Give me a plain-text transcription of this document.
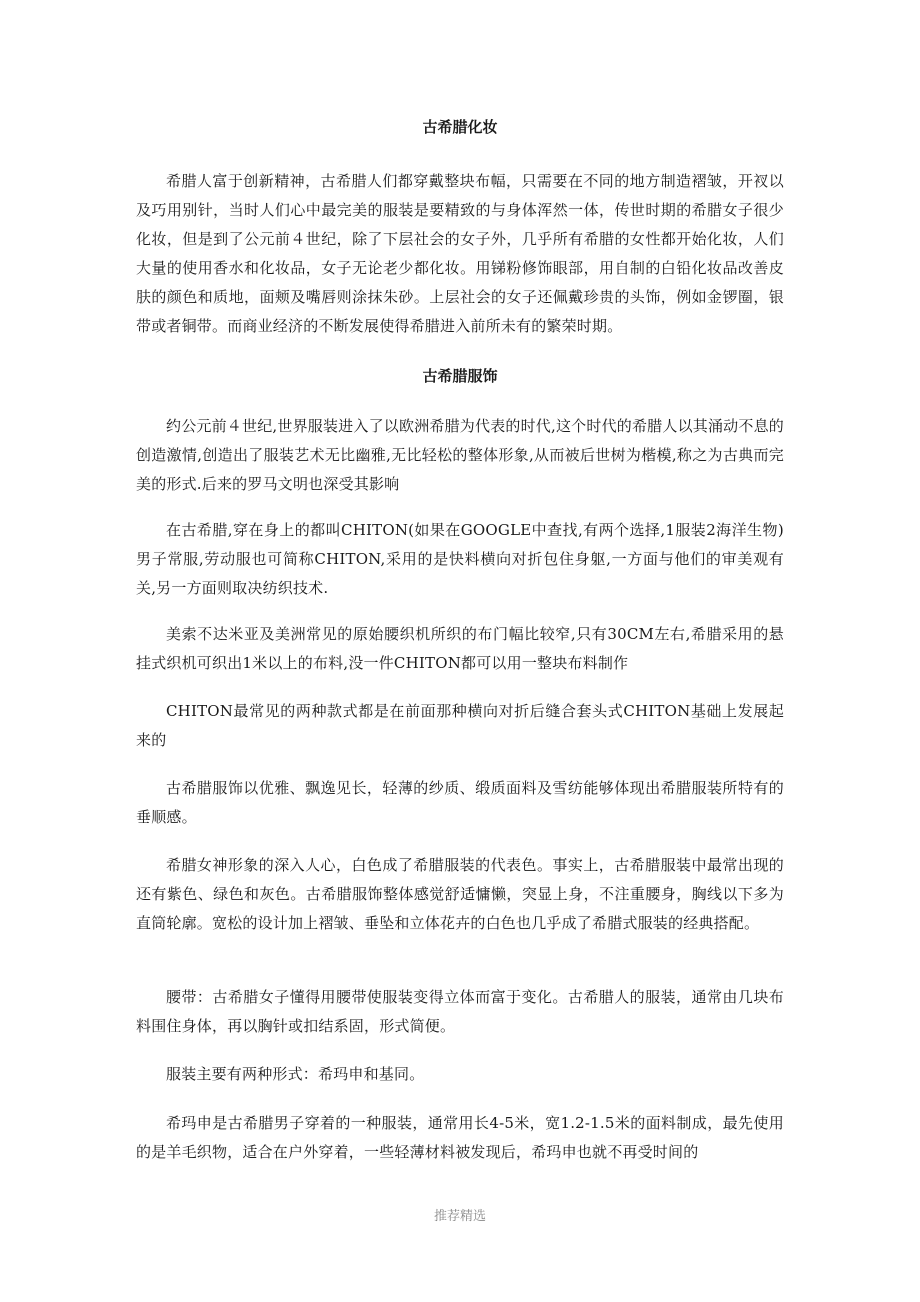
古希腊化妆

希腊人富于创新精神，古希腊人们都穿戴整块布幅，只需要在不同的地方制造褶皱，开衩以及巧用别针，当时人们心中最完美的服装是要精致的与身体浑然一体，传世时期的希腊女子很少化妆，但是到了公元前４世纪，除了下层社会的女子外，几乎所有希腊的女性都开始化妆，人们大量的使用香水和化妆品，女子无论老少都化妆。用锑粉修饰眼部，用自制的白铅化妆品改善皮肤的颜色和质地，面颊及嘴唇则涂抹朱砂。上层社会的女子还佩戴珍贵的头饰，例如金锣圈，银带或者铜带。而商业经济的不断发展使得希腊进入前所未有的繁荣时期。

古希腊服饰

约公元前４世纪,世界服装进入了以欧洲希腊为代表的时代,这个时代的希腊人以其涌动不息的创造激情,创造出了服装艺术无比幽雅,无比轻松的整体形象,从而被后世树为楷模,称之为古典而完美的形式.后来的罗马文明也深受其影响

在古希腊,穿在身上的都叫CHITON(如果在GOOGLE中查找,有两个选择,1服装2海洋生物)男子常服,劳动服也可简称CHITON,采用的是快料横向对折包住身躯,一方面与他们的审美观有关,另一方面则取决纺织技术.

美索不达米亚及美洲常见的原始腰织机所织的布门幅比较窄,只有30CM左右,希腊采用的悬挂式织机可织出1米以上的布料,没一件CHITON都可以用一整块布料制作

CHITON最常见的两种款式都是在前面那种横向对折后缝合套头式CHITON基础上发展起来的

古希腊服饰以优雅、飘逸见长，轻薄的纱质、缎质面料及雪纺能够体现出希腊服装所特有的垂顺感。

希腊女神形象的深入人心，白色成了希腊服装的代表色。事实上，古希腊服装中最常出现的还有紫色、绿色和灰色。古希腊服饰整体感觉舒适慵懒，突显上身，不注重腰身，胸线以下多为直筒轮廓。宽松的设计加上褶皱、垂坠和立体花卉的白色也几乎成了希腊式服装的经典搭配。

腰带：古希腊女子懂得用腰带使服装变得立体而富于变化。古希腊人的服装，通常由几块布料围住身体，再以胸针或扣结系固，形式简便。

服装主要有两种形式：希玛申和基同。

希玛申是古希腊男子穿着的一种服装，通常用长4-5米，宽1.2-1.5米的面料制成，最先使用的是羊毛织物，适合在户外穿着，一些轻薄材料被发现后，希玛申也就不再受时间的

推荐精选
